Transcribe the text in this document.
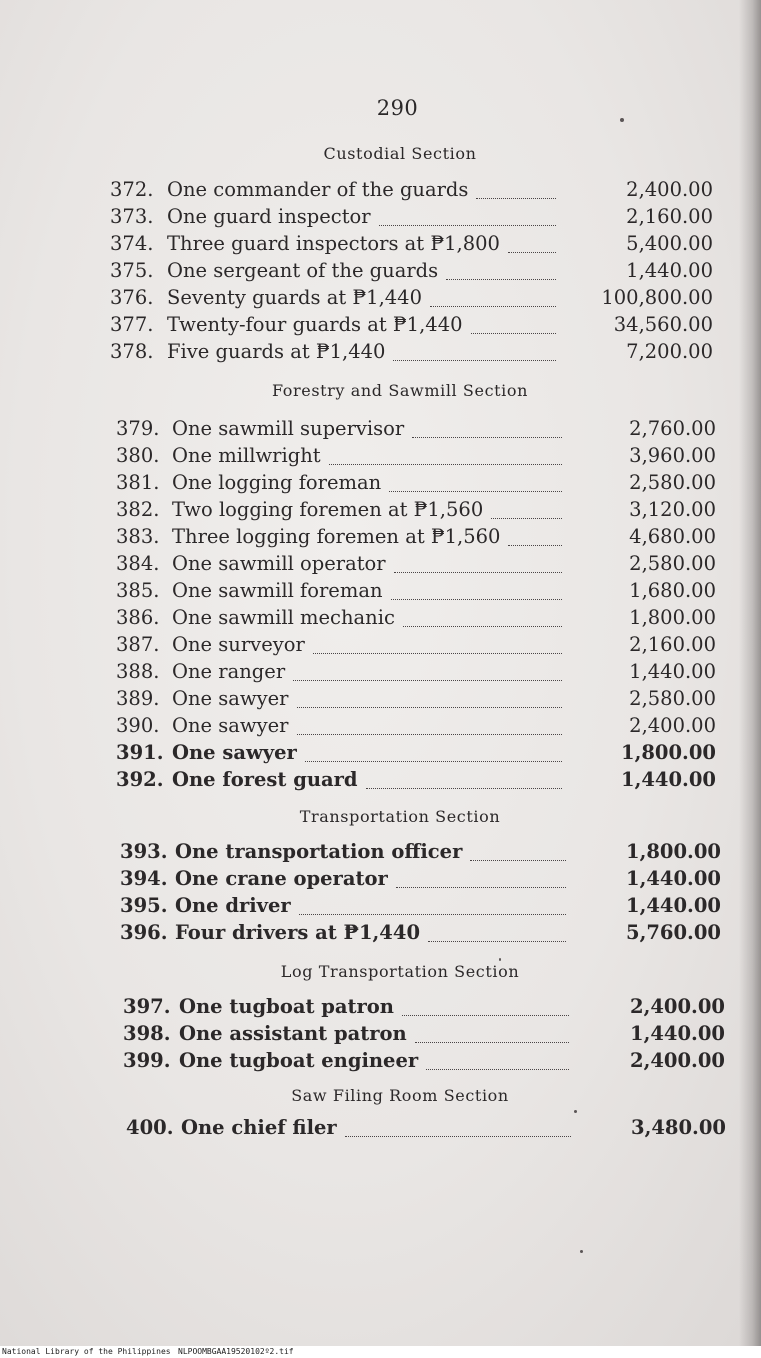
290
Custodial Section
372. One commander of the guards	2,400.00
373. One guard inspector	2,160.00
374. Three guard inspectors at ₱1,800	5,400.00
375. One sergeant of the guards	1,440.00
376. Seventy guards at ₱1,440	100,800.00
377. Twenty-four guards at ₱1,440	34,560.00
378. Five guards at ₱1,440	7,200.00
Forestry and Sawmill Section
379. One sawmill supervisor	2,760.00
380. One millwright	3,960.00
381. One logging foreman	2,580.00
382. Two logging foremen at ₱1,560	3,120.00
383. Three logging foremen at ₱1,560	4,680.00
384. One sawmill operator	2,580.00
385. One sawmill foreman	1,680.00
386. One sawmill mechanic	1,800.00
387. One surveyor	2,160.00
388. One ranger	1,440.00
389. One sawyer	2,580.00
390. One sawyer	2,400.00
391. One sawyer	1,800.00
392. One forest guard	1,440.00
Transportation Section
393. One transportation officer	1,800.00
394. One crane operator	1,440.00
395. One driver	1,440.00
396. Four drivers at ₱1,440	5,760.00
Log Transportation Section
397. One tugboat patron	2,400.00
398. One assistant patron	1,440.00
399. One tugboat engineer	2,400.00
Saw Filing Room Section
400. One chief filer	3,480.00
National Library of the Philippines NLPOOMBGAA19520102º2.tif
